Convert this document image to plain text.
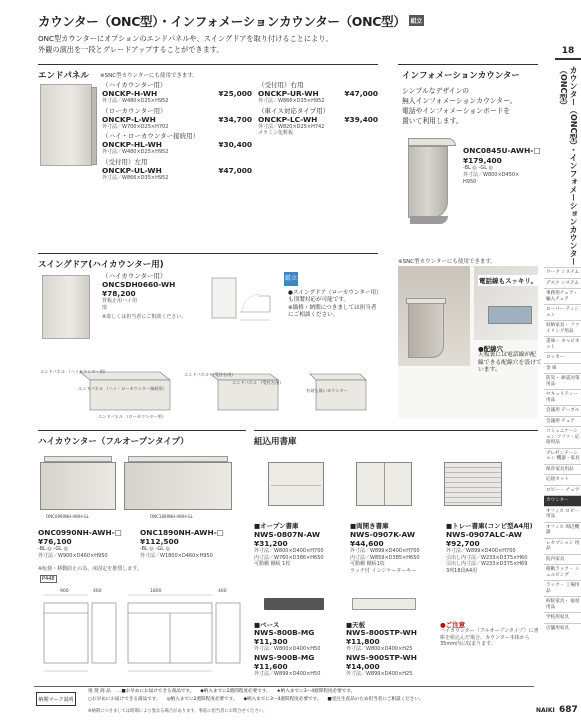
カウンター（ONC型）・インフォメーションカウンター（ONC型） 組立
ONC型カウンターにオプションのエンドパネルや、スイングドアを取り付けることにより、
外観の演出を一段とグレードアップすることができます。	18
カウンター（ONC型）・インフォメーションカウンター（ONC型）
ワーク システム
デスク システム
事務用チェア・ 輸入チェア
ローパー ティション
収納家具・ ファイリング用品
書庫・ キャビネット
ロッカー
金 庫
防災・ 耐震対策用品
セキュリティー 用品
会議用 テーブル
会議用 チェア
コミュニケーション ソファ・応接用品
プレゼンテーション 機器・家具
保育家具用品
応接セット
ロビー・ チェア
カウンター
オフィス ロビー用品
オフィス 周辺機器
レセプション 用品
院内家具
移動ラック・ シェルビング
ラック・ 工場用品
病院家具・ 福祉用品
学校用家具
店舗用家具
エンドパネル ※SNC型カウンターにも使用できます。
（ハイカウンター用）
ONCKP-H-WH	¥25,000
外寸法／W480×D25×H952
（ローカウンター用）
ONCKP-L-WH	¥34,700
外寸法／W700×D25×H702
（ハイ・ローカウンター接続用）
ONCKP-HL-WH	¥30,400
外寸法／W480×D25×H952
（受付用）左用
ONCKP-UL-WH	¥47,000
外寸法／W866×D35×H952
（受付用）右用
ONCKP-UR-WH	¥47,000
外寸法／W866×D35×H952
（車イス対応タイプ用）
ONCKP-LC-WH	¥39,400
外寸法／W820×D25×H742
メラミン化粧板
インフォメーションカウンター
シンプルなデザインの
無人インフォメーションカウンター。
電話やインフォメーションボードを
置いて利用します。
ONC0845U-AWH-□
¥179,400
-BL ◎ -GL ◎
外寸法／W800×D450×
H950
※SNC型カウンターにも使用できます。
電話線もスッキリ。
●配線穴
天板裏には電話線が配
線できる配線穴を設けて
います。
スイングドア(ハイカウンター用)
（ハイカウンター用）
ONCSDH0660-WH
¥78,200
背板止用ハイ用
扉
※扉しくは担当者にご相談ください。
組立
●スイングドア（ローカウンター用）
も別製対応が可能です。
※価格・納期につきましては担当者
にご相談ください。
エンドパネル （ハイカウンター用）
エンドパネル （ハイ・ローカウンター接続用）
エンドパネル （ローカウンター用）
エンドパネル （受付右用）
エンドパネル （受付左用）
有効も低いカウンター
ハイカウンター（フルオープンタイプ）
ONC0990NH-AWH-GL	ONC1890NH-AWH-GL
ONC0990NH-AWH-□
¥76,100
-BL ◎ -GL ◎
外寸法／W900×D460×H950
ONC1890NH-AWH-□
¥112,500
-BL ◎ -GL ◎
外寸法／W1800×D460×H950
※転倒・移動防止の為、床固定を推奨します。
P448
900	460	1800	460
組込用書庫
■オープン書庫
NWS-0807N-AW
¥31,200
外寸法／W800×D400×H700
内寸法／W760×D386×H650
可動棚 棚板 1枚
■両開き書庫
NWS-0907K-AW
¥44,600
外寸法／W899×D400×H700
内寸法／W859×D385×H650
可動棚 棚板1枚
ラッチ付 インジケーターキー
■トレー書庫(コンビ型A4用)
NWS-0907ALC-AW
¥92,700
外寸法／W899×D400×H700
引出し内寸法／W233×D375×H60
引出し内寸法／W233×D375×H69
3列18段A4用
■ベース
NWS-800B-MG
¥11,300
外寸法／W800×D400×H50
NWS-900B-MG
¥11,600
外寸法／W899×D400×H50
■天板
NWS-800STP-WH
¥11,800
外寸法／W800×D400×H25
NWS-900STP-WH
¥14,000
外寸法／W899×D400×H25
●ご注意
ハイカウンター（フルオープンタイプ）に書
庫を組込んだ場合、カウンター本体から
35mm内に収まります。
納期マーク説明
推 奨 商 品 …■お早めにお届けできる商品です。 ◆納入までに2週間程度必要です。 ★納入までに3〜4週間程度必要です。
○お早めにお届けできる商品です。 ◎納入までに2週間程度必要です。 ◆納入までに3〜4週間程度必要です。 ■受注生産品のため担当者にご相談ください。
※納期につきましては時期により異なる場合があります。事前に担当者にお問合せください。	NAIKI 687
